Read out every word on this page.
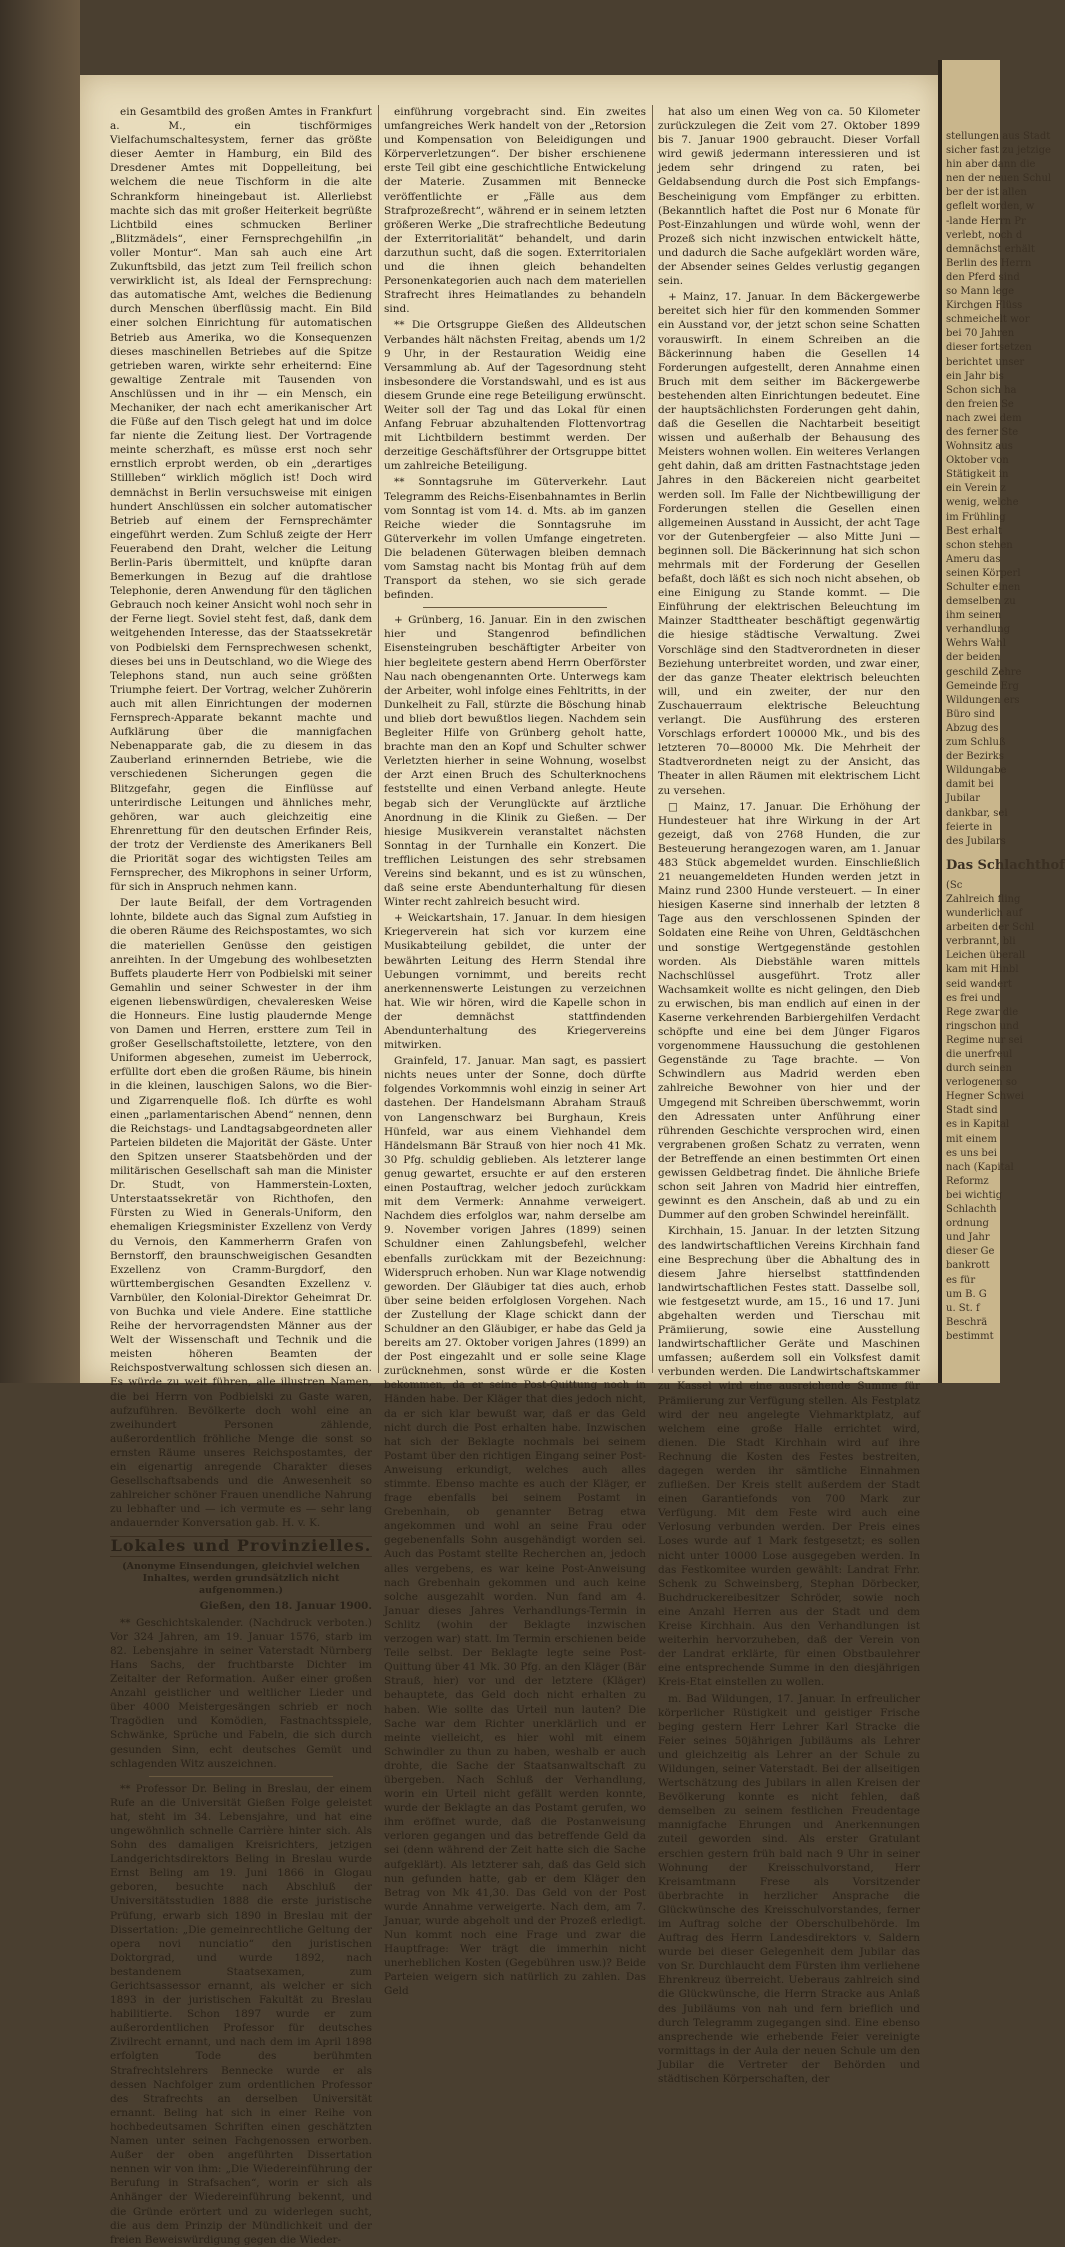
ein Gesamtbild des großen Amtes in Frankfurt a. M., ein tischförmiges Vielfachumschaltesystem, ferner das größte dieser Aemter in Hamburg, ein Bild des Dresdener Amtes mit Doppelleitung, bei welchem die neue Tischform in die alte Schrankform hineingebaut ist. Allerliebst machte sich das mit großer Heiterkeit begrüßte Lichtbild eines schmucken Berliner „Blitzmädels“, einer Fernsprechgehilfin „in voller Montur“. Man sah auch eine Art Zukunftsbild, das jetzt zum Teil freilich schon verwirklicht ist, als Ideal der Fernsprechung: das automatische Amt, welches die Bedienung durch Menschen überflüssig macht. Ein Bild einer solchen Einrichtung für automatischen Betrieb aus Amerika, wo die Konsequenzen dieses maschinellen Betriebes auf die Spitze getrieben waren, wirkte sehr erheiternd: Eine gewaltige Zentrale mit Tausenden von Anschlüssen und in ihr — ein Mensch, ein Mechaniker, der nach echt amerikanischer Art die Füße auf den Tisch gelegt hat und im dolce far niente die Zeitung liest. Der Vortragende meinte scherzhaft, es müsse erst noch sehr ernstlich erprobt werden, ob ein „derartiges Stillleben“ wirklich möglich ist! Doch wird demnächst in Berlin versuchsweise mit einigen hundert Anschlüssen ein solcher automatischer Betrieb auf einem der Fernsprechämter eingeführt werden. Zum Schluß zeigte der Herr Feuerabend den Draht, welcher die Leitung Berlin-Paris übermittelt, und knüpfte daran Bemerkungen in Bezug auf die drahtlose Telephonie, deren Anwendung für den täglichen Gebrauch noch keiner Ansicht wohl noch sehr in der Ferne liegt. Soviel steht fest, daß, dank dem weitgehenden Interesse, das der Staatssekretär von Podbielski dem Fernsprechwesen schenkt, dieses bei uns in Deutschland, wo die Wiege des Telephons stand, nun auch seine größten Triumphe feiert. Der Vortrag, welcher Zuhörerin auch mit allen Einrichtungen der modernen Fernsprech-Apparate bekannt machte und Aufklärung über die mannigfachen Nebenapparate gab, die zu diesem in das Zauberland erinnernden Betriebe, wie die verschiedenen Sicherungen gegen die Blitzgefahr, gegen die Einflüsse auf unterirdische Leitungen und ähnliches mehr, gehören, war auch gleichzeitig eine Ehrenrettung für den deutschen Erfinder Reis, der trotz der Verdienste des Amerikaners Bell die Priorität sogar des wichtigsten Teiles am Fernsprecher, des Mikrophons in seiner Urform, für sich in Anspruch nehmen kann.

Der laute Beifall, der dem Vortragenden lohnte, bildete auch das Signal zum Aufstieg in die oberen Räume des Reichspostamtes, wo sich die materiellen Genüsse den geistigen anreihten. In der Umgebung des wohlbesetzten Buffets plauderte Herr von Podbielski mit seiner Gemahlin und seiner Schwester in der ihm eigenen liebenswürdigen, chevaleresken Weise die Honneurs. Eine lustig plaudernde Menge von Damen und Herren, ersttere zum Teil in großer Gesellschaftstoilette, letztere, von den Uniformen abgesehen, zumeist im Ueberrock, erfüllte dort eben die großen Räume, bis hinein in die kleinen, lauschigen Salons, wo die Bier- und Zigarrenquelle floß. Ich dürfte es wohl einen „parlamentarischen Abend“ nennen, denn die Reichstags- und Landtagsabgeordneten aller Parteien bildeten die Majorität der Gäste. Unter den Spitzen unserer Staatsbehörden und der militärischen Gesellschaft sah man die Minister Dr. Studt, von Hammerstein-Loxten, Unterstaatssekretär von Richthofen, den Fürsten zu Wied in Generals-Uniform, den ehemaligen Kriegsminister Exzellenz von Verdy du Vernois, den Kammerherrn Grafen von Bernstorff, den braunschweigischen Gesandten Exzellenz von Cramm-Burgdorf, den württembergischen Gesandten Exzellenz v. Varnbüler, den Kolonial-Direktor Geheimrat Dr. von Buchka und viele Andere. Eine stattliche Reihe der hervorragendsten Männer aus der Welt der Wissenschaft und Technik und die meisten höheren Beamten der Reichspostverwaltung schlossen sich diesen an. Es würde zu weit führen, alle illustren Namen, die bei Herrn von Podbielski zu Gaste waren, aufzuführen. Bevölkerte doch wohl eine an zweihundert Personen zählende, außerordentlich fröhliche Menge die sonst so ernsten Räume unseres Reichspostamtes, der ein eigenartig anregende Charakter dieses Gesellschaftsabends und die Anwesenheit so zahlreicher schöner Frauen unendliche Nahrung zu lebhafter und — ich vermute es — sehr lang andauernder Konversation gab. H. v. K.

Lokales und Provinzielles.
(Anonyme Einsendungen, gleichviel welchen Inhaltes, werden grundsätzlich nicht aufgenommen.)
Gießen, den 18. Januar 1900.

** Geschichtskalender. (Nachdruck verboten.) Vor 324 Jahren, am 19. Januar 1576, starb im 82. Lebensjahre in seiner Vaterstadt Nürnberg Hans Sachs, der fruchtbarste Dichter im Zeitalter der Reformation. Außer einer großen Anzahl geistlicher und weltlicher Lieder und über 4000 Meistergesängen schrieb er noch Tragödien und Komödien, Fastnachtsspiele, Schwänke, Sprüche und Fabeln, die sich durch gesunden Sinn, echt deutsches Gemüt und schlagenden Witz auszeichnen.

** Professor Dr. Beling in Breslau, der einem Rufe an die Universität Gießen Folge geleistet hat, steht im 34. Lebensjahre, und hat eine ungewöhnlich schnelle Carrière hinter sich. Als Sohn des damaligen Kreisrichters, jetzigen Landgerichtsdirektors Beling in Breslau wurde Ernst Beling am 19. Juni 1866 in Glogau geboren, besuchte nach Abschluß der Universitätsstudien 1888 die erste juristische Prüfung, erwarb sich 1890 in Breslau mit der Dissertation: „Die gemeinrechtliche Geltung der opera novi nunciatio“ den juristischen Doktorgrad, und wurde 1892, nach bestandenem Staatsexamen, zum Gerichtsassessor ernannt, als welcher er sich 1893 in der juristischen Fakultät zu Breslau habilitierte. Schon 1897 wurde er zum außerordentlichen Professor für deutsches Zivilrecht ernannt, und nach dem im April 1898 erfolgten Tode des berühmten Strafrechtslehrers Bennecke wurde er als dessen Nachfolger zum ordentlichen Professor des Strafrechts an derselben Universität ernannt. Beling hat sich in einer Reihe von hochbedeutsamen Schriften einen geschätzten Namen unter seinen Fachgenossen erworben. Außer der oben angeführten Dissertation nennen wir von ihm: „Die Wiedereinführung der Berufung in Strafsachen“, worin er sich als Anhänger der Wiedereinführung bekennt, und die Gründe erörtert und zu widerlegen sucht, die aus dem Prinzip der Mündlichkeit und der freien Beweiswürdigung gegen die Wieder-

einführung vorgebracht sind. Ein zweites umfangreiches Werk handelt von der „Retorsion und Kompensation von Beleidigungen und Körperverletzungen“. Der bisher erschienene erste Teil gibt eine geschichtliche Entwickelung der Materie. Zusammen mit Bennecke veröffentlichte er „Fälle aus dem Strafprozeßrecht“, während er in seinem letzten größeren Werke „Die strafrechtliche Bedeutung der Exterritorialität“ behandelt, und darin darzuthun sucht, daß die sogen. Exterritorialen und die ihnen gleich behandelten Personenkategorien auch nach dem materiellen Strafrecht ihres Heimatlandes zu behandeln sind.

** Die Ortsgruppe Gießen des Alldeutschen Verbandes hält nächsten Freitag, abends um 1/2 9 Uhr, in der Restauration Weidig eine Versammlung ab. Auf der Tagesordnung steht insbesondere die Vorstandswahl, und es ist aus diesem Grunde eine rege Beteiligung erwünscht. Weiter soll der Tag und das Lokal für einen Anfang Februar abzuhaltenden Flottenvortrag mit Lichtbildern bestimmt werden. Der derzeitige Geschäftsführer der Ortsgruppe bittet um zahlreiche Beteiligung.

** Sonntagsruhe im Güterverkehr. Laut Telegramm des Reichs-Eisenbahnamtes in Berlin vom Sonntag ist vom 14. d. Mts. ab im ganzen Reiche wieder die Sonntagsruhe im Güterverkehr im vollen Umfange eingetreten. Die beladenen Güterwagen bleiben demnach vom Samstag nacht bis Montag früh auf dem Transport da stehen, wo sie sich gerade befinden.

+ Grünberg, 16. Januar. Ein in den zwischen hier und Stangenrod befindlichen Eisensteingruben beschäftigter Arbeiter von hier begleitete gestern abend Herrn Oberförster Nau nach obengenannten Orte. Unterwegs kam der Arbeiter, wohl infolge eines Fehltritts, in der Dunkelheit zu Fall, stürzte die Böschung hinab und blieb dort bewußtlos liegen. Nachdem sein Begleiter Hilfe von Grünberg geholt hatte, brachte man den an Kopf und Schulter schwer Verletzten hierher in seine Wohnung, woselbst der Arzt einen Bruch des Schulterknochens feststellte und einen Verband anlegte. Heute begab sich der Verunglückte auf ärztliche Anordnung in die Klinik zu Gießen. — Der hiesige Musikverein veranstaltet nächsten Sonntag in der Turnhalle ein Konzert. Die trefflichen Leistungen des sehr strebsamen Vereins sind bekannt, und es ist zu wünschen, daß seine erste Abendunterhaltung für diesen Winter recht zahlreich besucht wird.

+ Weickartshain, 17. Januar. In dem hiesigen Kriegerverein hat sich vor kurzem eine Musikabteilung gebildet, die unter der bewährten Leitung des Herrn Stendal ihre Uebungen vornimmt, und bereits recht anerkennenswerte Leistungen zu verzeichnen hat. Wie wir hören, wird die Kapelle schon in der demnächst stattfindenden Abendunterhaltung des Kriegervereins mitwirken.

Grainfeld, 17. Januar. Man sagt, es passiert nichts neues unter der Sonne, doch dürfte folgendes Vorkommnis wohl einzig in seiner Art dastehen. Der Handelsmann Abraham Strauß von Langenschwarz bei Burghaun, Kreis Hünfeld, war aus einem Viehhandel dem Händelsmann Bär Strauß von hier noch 41 Mk. 30 Pfg. schuldig geblieben. Als letzterer lange genug gewartet, ersuchte er auf den ersteren einen Postauftrag, welcher jedoch zurückkam mit dem Vermerk: Annahme verweigert. Nachdem dies erfolglos war, nahm derselbe am 9. November vorigen Jahres (1899) seinen Schuldner einen Zahlungsbefehl, welcher ebenfalls zurückkam mit der Bezeichnung: Widerspruch erhoben. Nun war Klage notwendig geworden. Der Gläubiger tat dies auch, erhob über seine beiden erfolglosen Vorgehen. Nach der Zustellung der Klage schickt dann der Schuldner an den Gläubiger, er habe das Geld ja bereits am 27. Oktober vorigen Jahres (1899) an der Post eingezahlt und er solle seine Klage zurücknehmen, sonst würde er die Kosten bekommen, da er seine Post-Quittung noch in Händen habe. Der Kläger that dies jedoch nicht, da er sich klar bewußt war, daß er das Geld nicht durch die Post erhalten habe. Inzwischen hat sich der Beklagte nochmals bei seinem Postamt über den richtigen Eingang seiner Post-Anweisung erkundigt, welches auch alles stimmte. Ebenso machte es auch der Kläger, er frage ebenfalls bei seinem Postamt in Grebenhain, ob genannter Betrag etwa angekommen und wohl an seine Frau oder gegebenenfalls Sohn ausgehändigt worden sei. Auch das Postamt stellte Recherchen an, jedoch alles vergebens, es war keine Post-Anweisung nach Grebenhain gekommen und auch keine solche ausgezahlt worden. Nun fand am 4. Januar dieses Jahres Verhandlungs-Termin in Schlitz (wohin der Beklagte inzwischen verzogen war) statt. Im Termin erschienen beide Teile selbst. Der Beklagte legte seine Post-Quittung über 41 Mk. 30 Pfg. an den Kläger (Bär Strauß, hier) vor und der letztere (Kläger) behauptete, das Geld doch nicht erhalten zu haben. Wie sollte das Urteil nun lauten? Die Sache war dem Richter unerklärlich und er meinte vielleicht, es hier wohl mit einem Schwindler zu thun zu haben, weshalb er auch drohte, die Sache der Staatsanwaltschaft zu übergeben. Nach Schluß der Verhandlung, worin ein Urteil nicht gefällt werden konnte, wurde der Beklagte an das Postamt gerufen, wo ihm eröffnet wurde, daß die Postanweisung verloren gegangen und das betreffende Geld da sei (denn während der Zeit hatte sich die Sache aufgeklärt). Als letzterer sah, daß das Geld sich nun gefunden hatte, gab er dem Kläger den Betrag von Mk 41,30. Das Geld von der Post wurde Annahme verweigerte. Nach dem, am 7. Januar, wurde abgeholt und der Prozeß erledigt. Nun kommt noch eine Frage und zwar die Hauptfrage: Wer trägt die immerhin nicht unerheblichen Kosten (Gegebühren usw.)? Beide Parteien weigern sich natürlich zu zahlen. Das Geld

hat also um einen Weg von ca. 50 Kilometer zurückzulegen die Zeit vom 27. Oktober 1899 bis 7. Januar 1900 gebraucht. Dieser Vorfall wird gewiß jedermann interessieren und ist jedem sehr dringend zu raten, bei Geldabsendung durch die Post sich Empfangs-Bescheinigung vom Empfänger zu erbitten. (Bekanntlich haftet die Post nur 6 Monate für Post-Einzahlungen und würde wohl, wenn der Prozeß sich nicht inzwischen entwickelt hätte, und dadurch die Sache aufgeklärt worden wäre, der Absender seines Geldes verlustig gegangen sein.

+ Mainz, 17. Januar. In dem Bäckergewerbe bereitet sich hier für den kommenden Sommer ein Ausstand vor, der jetzt schon seine Schatten vorauswirft. In einem Schreiben an die Bäckerinnung haben die Gesellen 14 Forderungen aufgestellt, deren Annahme einen Bruch mit dem seither im Bäckergewerbe bestehenden alten Einrichtungen bedeutet. Eine der hauptsächlichsten Forderungen geht dahin, daß die Gesellen die Nachtarbeit beseitigt wissen und außerhalb der Behausung des Meisters wohnen wollen. Ein weiteres Verlangen geht dahin, daß am dritten Fastnachtstage jeden Jahres in den Bäckereien nicht gearbeitet werden soll. Im Falle der Nichtbewilligung der Forderungen stellen die Gesellen einen allgemeinen Ausstand in Aussicht, der acht Tage vor der Gutenbergfeier — also Mitte Juni — beginnen soll. Die Bäckerinnung hat sich schon mehrmals mit der Forderung der Gesellen befaßt, doch läßt es sich noch nicht absehen, ob eine Einigung zu Stande kommt. — Die Einführung der elektrischen Beleuchtung im Mainzer Stadttheater beschäftigt gegenwärtig die hiesige städtische Verwaltung. Zwei Vorschläge sind den Stadtverordneten in dieser Beziehung unterbreitet worden, und zwar einer, der das ganze Theater elektrisch beleuchten will, und ein zweiter, der nur den Zuschauerraum elektrische Beleuchtung verlangt. Die Ausführung des ersteren Vorschlags erfordert 100000 Mk., und bis des letzteren 70—80000 Mk. Die Mehrheit der Stadtverordneten neigt zu der Ansicht, das Theater in allen Räumen mit elektrischem Licht zu versehen.

□ Mainz, 17. Januar. Die Erhöhung der Hundesteuer hat ihre Wirkung in der Art gezeigt, daß von 2768 Hunden, die zur Besteuerung herangezogen waren, am 1. Januar 483 Stück abgemeldet wurden. Einschließlich 21 neuangemeldeten Hunden werden jetzt in Mainz rund 2300 Hunde versteuert. — In einer hiesigen Kaserne sind innerhalb der letzten 8 Tage aus den verschlossenen Spinden der Soldaten eine Reihe von Uhren, Geldtäschchen und sonstige Wertgegenstände gestohlen worden. Als Diebstähle waren mittels Nachschlüssel ausgeführt. Trotz aller Wachsamkeit wollte es nicht gelingen, den Dieb zu erwischen, bis man endlich auf einen in der Kaserne verkehrenden Barbiergehilfen Verdacht schöpfte und eine bei dem Jünger Figaros vorgenommene Haussuchung die gestohlenen Gegenstände zu Tage brachte. — Von Schwindlern aus Madrid werden eben zahlreiche Bewohner von hier und der Umgegend mit Schreiben überschwemmt, worin den Adressaten unter Anführung einer rührenden Geschichte versprochen wird, einen vergrabenen großen Schatz zu verraten, wenn der Betreffende an einen bestimmten Ort einen gewissen Geldbetrag findet. Die ähnliche Briefe schon seit Jahren von Madrid hier eintreffen, gewinnt es den Anschein, daß ab und zu ein Dummer auf den groben Schwindel hereinfällt.

Kirchhain, 15. Januar. In der letzten Sitzung des landwirtschaftlichen Vereins Kirchhain fand eine Besprechung über die Abhaltung des in diesem Jahre hierselbst stattfindenden landwirtschaftlichen Festes statt. Dasselbe soll, wie festgesetzt wurde, am 15., 16 und 17. Juni abgehalten werden und Tierschau mit Prämiierung, sowie eine Ausstellung landwirtschaftlicher Geräte und Maschinen umfassen; außerdem soll ein Volksfest damit verbunden werden. Die Landwirtschaftskammer zu Kassel wird eine ausreichende Summe für Prämiierung zur Verfügung stellen. Als Festplatz wird der neu angelegte Viehmarktplatz, auf welchem eine große Halle errichtet wird, dienen. Die Stadt Kirchhain wird auf ihre Rechnung die Kosten des Festes bestreiten, dagegen werden ihr sämtliche Einnahmen zufließen. Der Kreis stellt außerdem der Stadt einen Garantiefonds von 700 Mark zur Verfügung. Mit dem Feste wird auch eine Verlosung verbunden werden. Der Preis eines Loses wurde auf 1 Mark festgesetzt; es sollen nicht unter 10000 Lose ausgegeben werden. In das Festkomitee wurden gewählt: Landrat Frhr. Schenk zu Schweinsberg, Stephan Dörbecker, Buchdruckereibesitzer Schröder, sowie noch eine Anzahl Herren aus der Stadt und dem Kreise Kirchhain. Aus den Verhandlungen ist weiterhin hervorzuheben, daß der Verein von der Landrat erklärte, für einen Obstbaulehrer eine entsprechende Summe in den diesjährigen Kreis-Etat einstellen zu wollen.

m. Bad Wildungen, 17. Januar. In erfreulicher körperlicher Rüstigkeit und geistiger Frische beging gestern Herr Lehrer Karl Stracke die Feier seines 50jährigen Jubiläums als Lehrer und gleichzeitig als Lehrer an der Schule zu Wildungen, seiner Vaterstadt. Bei der allseitigen Wertschätzung des Jubilars in allen Kreisen der Bevölkerung konnte es nicht fehlen, daß demselben zu seinem festlichen Freudentage mannigfache Ehrungen und Anerkennungen zuteil geworden sind. Als erster Gratulant erschien gestern früh bald nach 9 Uhr in seiner Wohnung der Kreisschulvorstand, Herr Kreisamtmann Frese als Vorsitzender überbrachte in herzlicher Ansprache die Glückwünsche des Kreisschulvorstandes, ferner im Auftrag solche der Oberschulbehörde. Im Auftrag des Herrn Landesdirektors v. Saldern wurde bei dieser Gelegenheit dem Jubilar das von Sr. Durchlaucht dem Fürsten ihm verliehene Ehrenkreuz überreicht. Ueberaus zahlreich sind die Glückwünsche, die Herrn Stracke aus Anlaß des Jubiläums von nah und fern brieflich und durch Telegramm zugegangen sind. Eine ebenso ansprechende wie erhebende Feier vereinigte vormittags in der Aula der neuen Schule um den Jubilar die Vertreter der Behörden und städtischen Körperschaften, der

stellungen aus Stadt
sicher fast zu jetzige
hin aber dann die
nen der neuen Schul
ber der ist allen
geflelt worden, w
-lande Herrn Pr
verlebt, noch d
demnächst erhält
Berlin des Herrn
den Pferd sind
so Mann lege
Kirchgen Flüss
schmeichelt wor
bei 70 Jahren
dieser fortsetzen
berichtet unser
ein Jahr bis
Schon sich ha
den freien Se
nach zwei dem
des ferner Ste
Wohnsitz aus
Oktober von
Stätigkeit in
ein Verein z
wenig, welche
im Frühling
Best erhalt
schon stehen
Ameru das
seinen Körperl
Schulter einen
demselben zu
ihm seinen
verhandlung
Wehrs Wahl
der beiden
geschild Zehre
Gemeinde Erg
Wildungen ers
Büro sind
Abzug des
zum Schluß
der Bezirks
Wildungabe
damit bei
Jubilar
dankbar, sei
feierte in
des Jubilars
Das Schlachthof
(Sc
Zahlreich fling
wunderlich auf
arbeiten der Schl
verbrannt, bli
Leichen überall
kam mit Hinbl
seid wandert
es frei und
Rege zwar die
ringschon und
Regime nur sei
die unerfreul
durch seinen
verlogenen so
Hegner Schwei
Stadt sind
es in Kapital
mit einem
es uns bei
nach (Kapital
Reformz
bei wichtig
Schlachth
ordnung
und Jahr
dieser Ge
bankrott
es für
um B. G
u. St. f
Beschrä
bestimmt
